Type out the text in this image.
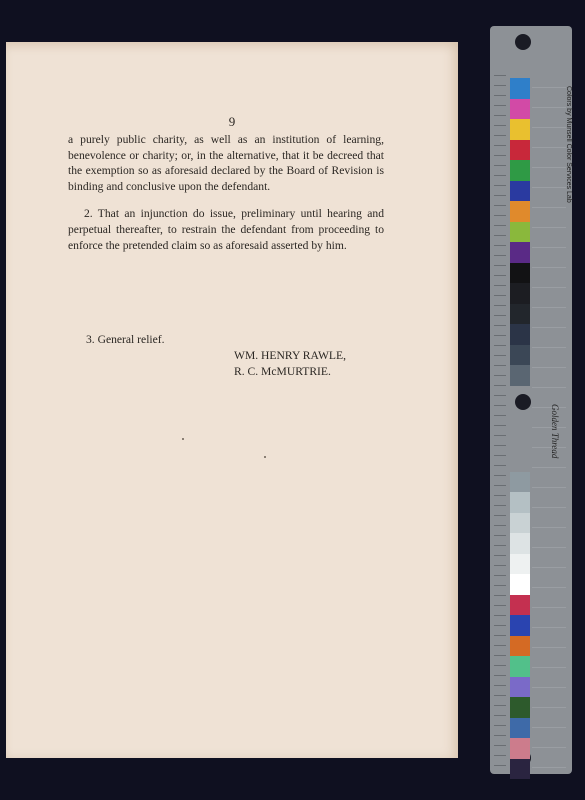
9

a purely public charity, as well as an institution of learning, benevolence or charity; or, in the alternative, that it be decreed that the exemption so as aforesaid declared by the Board of Revision is binding and conclusive upon the defendant.

2. That an injunction do issue, preliminary until hearing and perpetual thereafter, to restrain the defendant from proceeding to enforce the pretended claim so as aforesaid asserted by him.

3. General relief.
WM. HENRY RAWLE,
R. C. McMURTRIE.
Colors by Munsell Color Services Lab
Golden Thread
